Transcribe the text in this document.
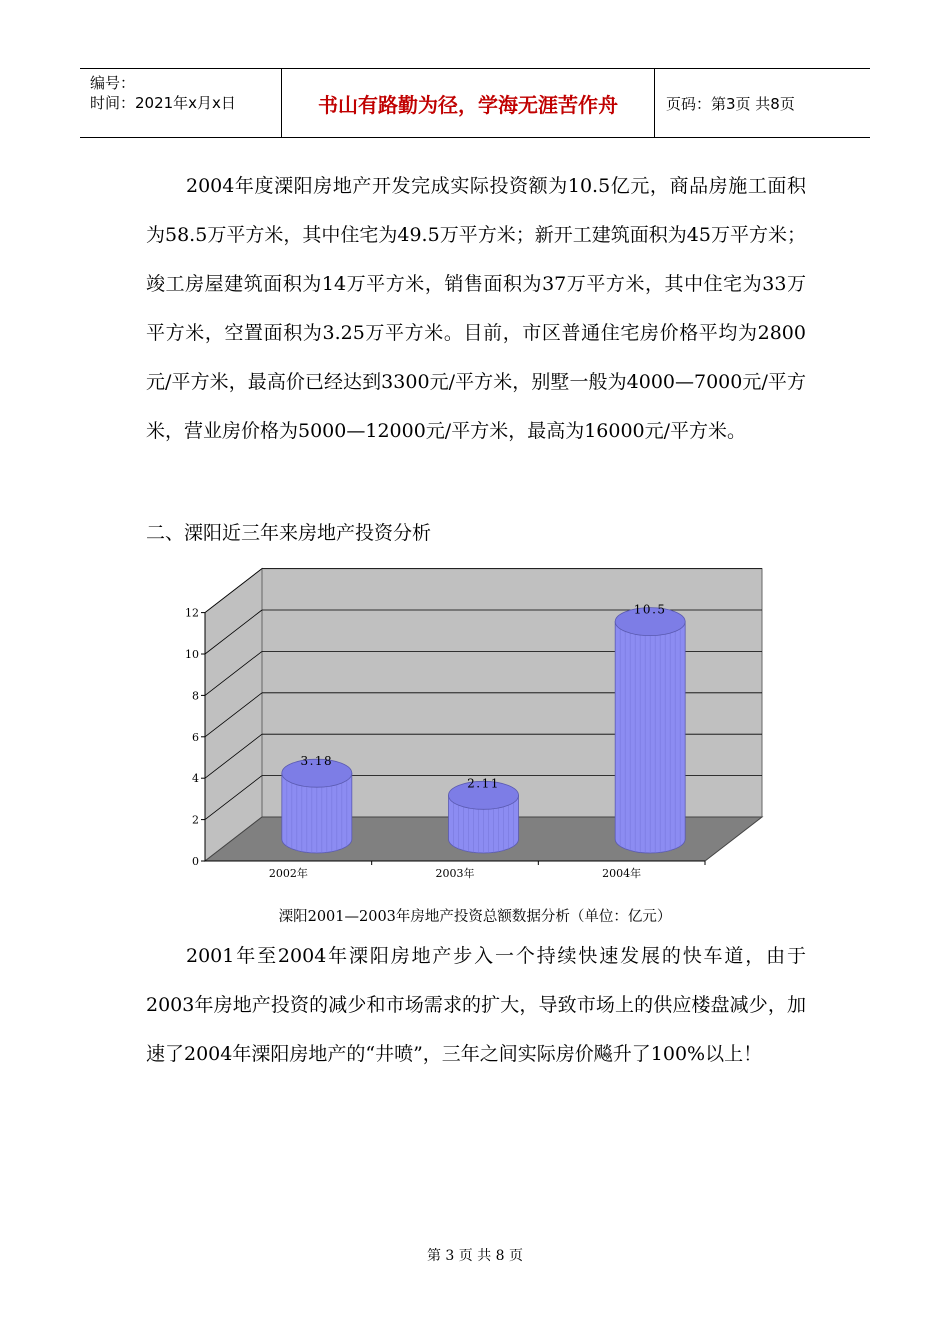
编号：
时间：2021年x月x日	书山有路勤为径，学海无涯苦作舟	页码：第3页 共8页
2004年度溧阳房地产开发完成实际投资额为10.5亿元，商品房施工面积为58.5万平方米，其中住宅为49.5万平方米；新开工建筑面积为45万平方米；竣工房屋建筑面积为14万平方米，销售面积为37万平方米，其中住宅为33万平方米，空置面积为3.25万平方米。目前，市区普通住宅房价格平均为2800元/平方米，最高价已经达到3300元/平方米，别墅一般为4000—7000元/平方米，营业房价格为5000—12000元/平方米，最高为16000元/平方米。
二、溧阳近三年来房地产投资分析
0
2
4
6
8
10
12
3.18
2002年
2.11
2003年
10.5
2004年
溧阳2001—2003年房地产投资总额数据分析（单位：亿元）
2001年至2004年溧阳房地产步入一个持续快速发展的快车道，由于2003年房地产投资的减少和市场需求的扩大，导致市场上的供应楼盘减少，加速了2004年溧阳房地产的“井喷”，三年之间实际房价飚升了100%以上！
第 3 页 共 8 页
